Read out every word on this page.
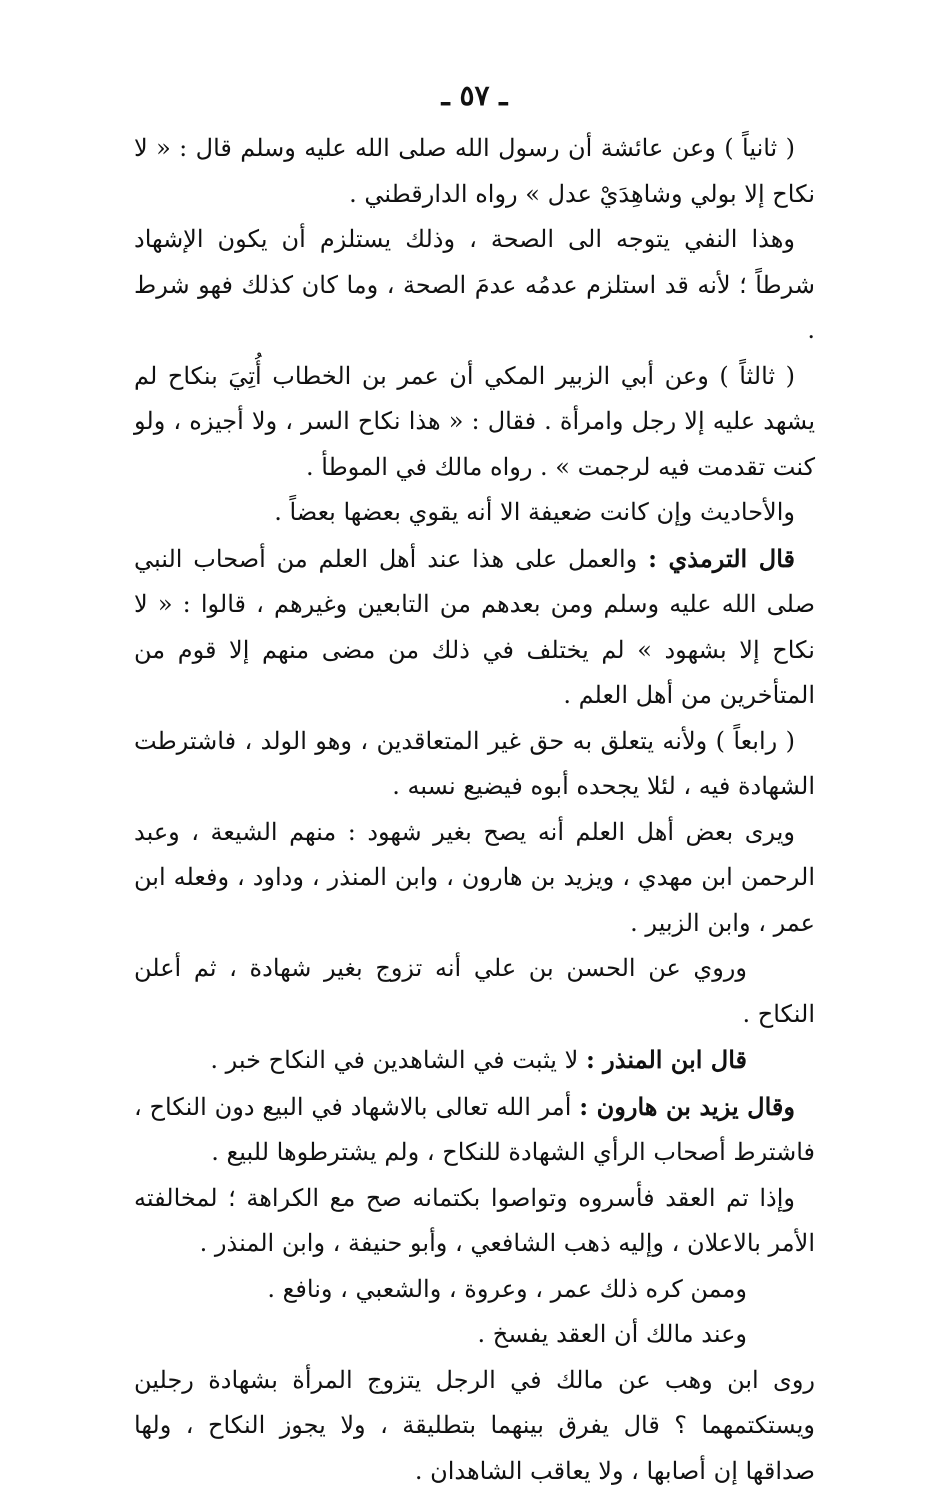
ـ ٥٧ ـ

( ثانياً ) وعن عائشة أن رسول الله صلى الله عليه وسلم قال : « لا نكاح إلا بولي وشاهِدَيْ عدل » رواه الدارقطني .

وهذا النفي يتوجه الى الصحة ، وذلك يستلزم أن يكون الإشهاد شرطاً ؛ لأنه قد استلزم عدمُه عدمَ الصحة ، وما كان كذلك فهو شرط .

( ثالثاً ) وعن أبي الزبير المكي أن عمر بن الخطاب أُتِيَ بنكاح لم يشهد عليه إلا رجل وامرأة . فقال : « هذا نكاح السر ، ولا أجيزه ، ولو كنت تقدمت فيه لرجمت » . رواه مالك في الموطأ .

والأحاديث وإن كانت ضعيفة الا أنه يقوي بعضها بعضاً .

قال الترمذي : والعمل على هذا عند أهل العلم من أصحاب النبي صلى الله عليه وسلم ومن بعدهم من التابعين وغيرهم ، قالوا : « لا نكاح إلا بشهود » لم يختلف في ذلك من مضى منهم إلا قوم من المتأخرين من أهل العلم .

( رابعاً ) ولأنه يتعلق به حق غير المتعاقدين ، وهو الولد ، فاشترطت الشهادة فيه ، لئلا يجحده أبوه فيضيع نسبه .

ويرى بعض أهل العلم أنه يصح بغير شهود : منهم الشيعة ، وعبد الرحمن ابن مهدي ، ويزيد بن هارون ، وابن المنذر ، وداود ، وفعله ابن عمر ، وابن الزبير .

وروي عن الحسن بن علي أنه تزوج بغير شهادة ، ثم أعلن النكاح .

قال ابن المنذر : لا يثبت في الشاهدين في النكاح خبر .

وقال يزيد بن هارون : أمر الله تعالى بالاشهاد في البيع دون النكاح ، فاشترط أصحاب الرأي الشهادة للنكاح ، ولم يشترطوها للبيع .

وإذا تم العقد فأسروه وتواصوا بكتمانه صح مع الكراهة ؛ لمخالفته الأمر بالاعلان ، وإليه ذهب الشافعي ، وأبو حنيفة ، وابن المنذر .

وممن كره ذلك عمر ، وعروة ، والشعبي ، ونافع .

وعند مالك أن العقد يفسخ .

روى ابن وهب عن مالك في الرجل يتزوج المرأة بشهادة رجلين ويستكتمهما ؟ قال يفرق بينهما بتطليقة ، ولا يجوز النكاح ، ولها صداقها إن أصابها ، ولا يعاقب الشاهدان .
